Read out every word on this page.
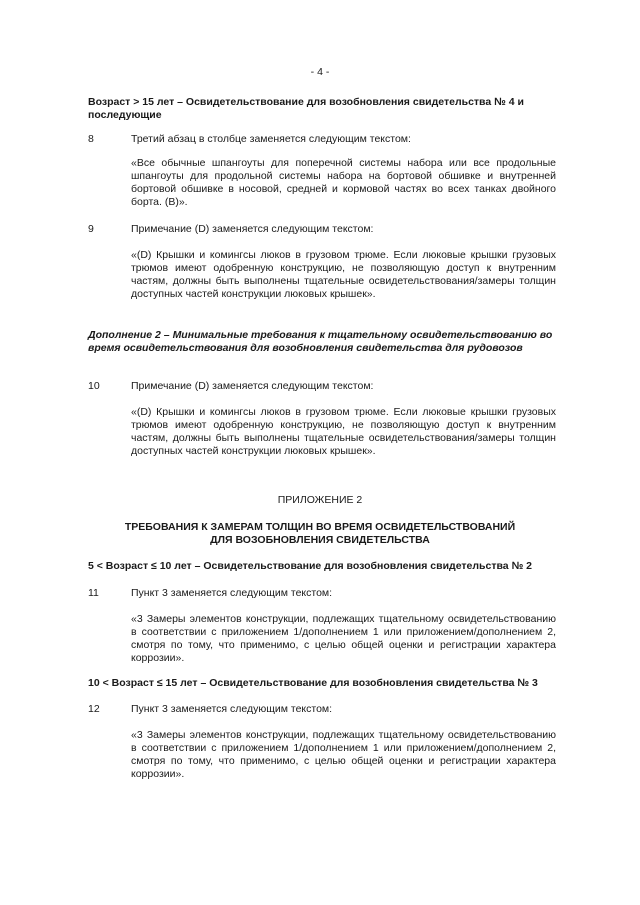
- 4 -
Возраст > 15 лет – Освидетельствование для возобновления свидетельства № 4 и последующие
8	Третий абзац в столбце заменяется следующим текстом:
«Все обычные шпангоуты для поперечной системы набора или все продольные шпангоуты для продольной системы набора на бортовой обшивке и внутренней бортовой обшивке в носовой, средней и кормовой частях во всех танках двойного борта. (B)».
9	Примечание (D) заменяется следующим текстом:
«(D) Крышки и комингсы люков в грузовом трюме. Если люковые крышки грузовых трюмов имеют одобренную конструкцию, не позволяющую доступ к внутренним частям, должны быть выполнены тщательные освидетельствования/замеры толщин доступных частей конструкции люковых крышек».
Дополнение 2 – Минимальные требования к тщательному освидетельствованию во время освидетельствования для возобновления свидетельства для рудовозов
10	Примечание (D) заменяется следующим текстом:
«(D) Крышки и комингсы люков в грузовом трюме. Если люковые крышки грузовых трюмов имеют одобренную конструкцию, не позволяющую доступ к внутренним частям, должны быть выполнены тщательные освидетельствования/замеры толщин доступных частей конструкции люковых крышек».
ПРИЛОЖЕНИЕ 2
ТРЕБОВАНИЯ К ЗАМЕРАМ ТОЛЩИН ВО ВРЕМЯ ОСВИДЕТЕЛЬСТВОВАНИЙ ДЛЯ ВОЗОБНОВЛЕНИЯ СВИДЕТЕЛЬСТВА
5 < Возраст ≤ 10 лет – Освидетельствование для возобновления свидетельства № 2
11	Пункт 3 заменяется следующим текстом:
«3 Замеры элементов конструкции, подлежащих тщательному освидетельствованию в соответствии с приложением 1/дополнением 1 или приложением/дополнением 2, смотря по тому, что применимо, с целью общей оценки и регистрации характера коррозии».
10 < Возраст ≤ 15 лет – Освидетельствование для возобновления свидетельства № 3
12	Пункт 3 заменяется следующим текстом:
«3 Замеры элементов конструкции, подлежащих тщательному освидетельствованию в соответствии с приложением 1/дополнением 1 или приложением/дополнением 2, смотря по тому, что применимо, с целью общей оценки и регистрации характера коррозии».
